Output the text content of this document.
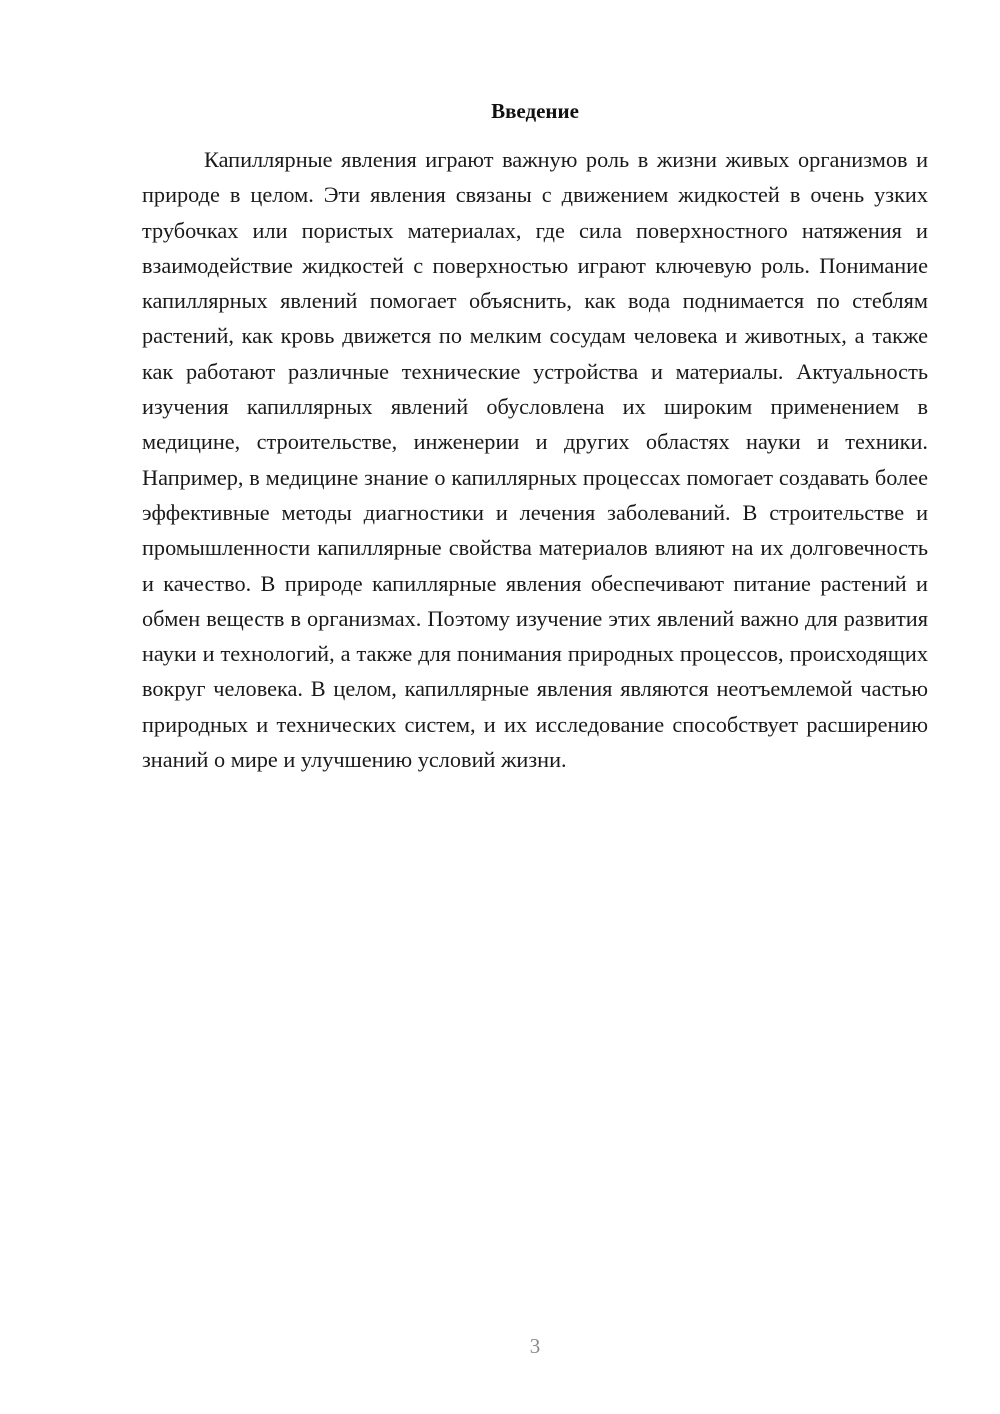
Введение

Капиллярные явления играют важную роль в жизни живых организмов и природе в целом. Эти явления связаны с движением жидкостей в очень узких трубочках или пористых материалах, где сила поверхностного натяжения и взаимодействие жидкостей с поверхностью играют ключевую роль. Понимание капиллярных явлений помогает объяснить, как вода поднимается по стеблям растений, как кровь движется по мелким сосудам человека и животных, а также как работают различные технические устройства и материалы. Актуальность изучения капиллярных явлений обусловлена их широким применением в медицине, строительстве, инженерии и других областях науки и техники. Например, в медицине знание о капиллярных процессах помогает создавать более эффективные методы диагностики и лечения заболеваний. В строительстве и промышленности капиллярные свойства материалов влияют на их долговечность и качество. В природе капиллярные явления обеспечивают питание растений и обмен веществ в организмах. Поэтому изучение этих явлений важно для развития науки и технологий, а также для понимания природных процессов, происходящих вокруг человека. В целом, капиллярные явления являются неотъемлемой частью природных и технических систем, и их исследование способствует расширению знаний о мире и улучшению условий жизни.

3
